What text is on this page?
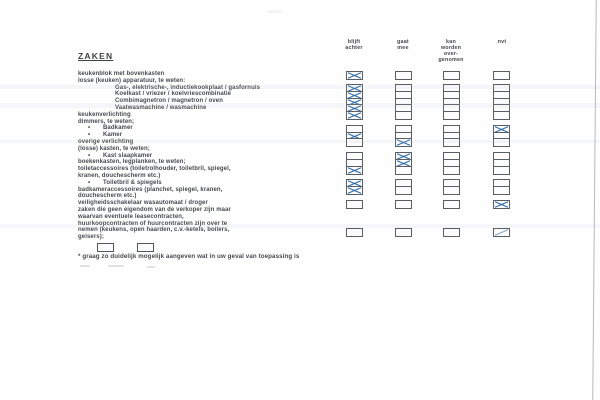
ZAKEN
blijft
achter
gaat
mee
kan
worden
over-
genomen
nvt
keukenblok met bovenkasten
losse (keuken) apparatuur, te weten:
Gas-, elektrische-, inductiekookplaat / gasfornuis
Koelkast / vriezer / koelvriescombinatie
Combimagnetron / magnetron / oven
Vaatwasmachine / wasmachine
keukenverlichting
dimmers, te weten;
• Badkamer
• Kamer
overige verlichting
(losse) kasten, te weten;
• Kast slaapkamer
boekenkasten, legplanken, te weten;
toiletaccessoires (toiletrolhouder, toiletbril, spiegel,
kranen, douchescherm etc.)
• Toiletbril & spiegels
badkameraccessoires (planchet, spiegel, kranen,
douchescherm etc.)
veiligheidsschakelaar wasautomaat / droger
zaken die geen eigendom van de verkoper zijn maar
waarvan eventuele leasecontracten,
huurkoopcontracten of huurcontracten zijn over te
nemen (keukens, open haarden, c.v.-ketels, boilers,
geisers);
* graag zo duidelijk mogelijk aangeven wat in uw geval van toepassing is
